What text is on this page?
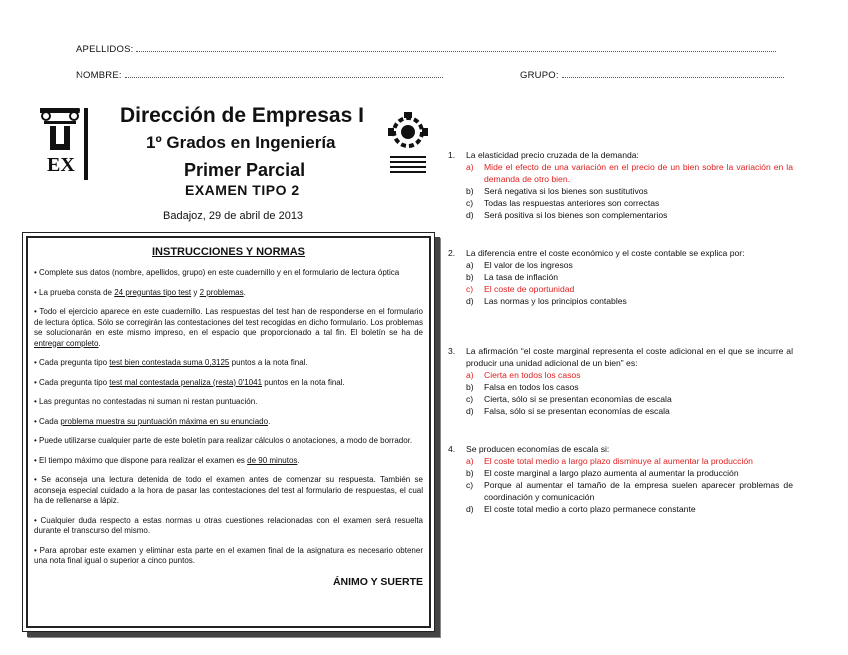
APELLIDOS:
NOMBRE:	GRUPO:
EX
UNIVERSIDAD DE EXTREMADURA Dirección de Empresas I
1º Grados en Ingeniería
Primer Parcial
EXAMEN TIPO 2
Badajoz, 29 de abril de 2013
INSTRUCCIONES Y NORMAS

• Complete sus datos (nombre, apellidos, grupo) en este cuadernillo y en el formulario de lectura óptica

• La prueba consta de 24 preguntas tipo test y 2 problemas.

• Todo el ejercicio aparece en este cuadernillo. Las respuestas del test han de responderse en el formulario de lectura óptica. Sólo se corregirán las contestaciones del test recogidas en dicho formulario. Los problemas se solucionarán en este mismo impreso, en el espacio que proporcionado a tal fin. El boletín se ha de entregar completo.

• Cada pregunta tipo test bien contestada suma 0,3125 puntos a la nota final.

• Cada pregunta tipo test mal contestada penaliza (resta) 0'1041 puntos en la nota final.

• Las preguntas no contestadas ni suman ni restan puntuación.

• Cada problema muestra su puntuación máxima en su enunciado.

• Puede utilizarse cualquier parte de este boletín para realizar cálculos o anotaciones, a modo de borrador.

• El tiempo máximo que dispone para realizar el examen es de 90 minutos.

• Se aconseja una lectura detenida de todo el examen antes de comenzar su respuesta. También se aconseja especial cuidado a la hora de pasar las contestaciones del test al formulario de respuestas, el cual ha de rellenarse a lápiz.

• Cualquier duda respecto a estas normas u otras cuestiones relacionadas con el examen será resuelta durante el transcurso del mismo.

• Para aprobar este examen y eliminar esta parte en el examen final de la asignatura es necesario obtener una nota final igual o superior a cinco puntos.

ÁNIMO Y SUERTE
1.	La elasticidad precio cruzada de la demanda:
a)	Mide el efecto de una variación en el precio de un bien sobre la variación en la demanda de otro bien.
b)	Será negativa si los bienes son sustitutivos
c)	Todas las respuestas anteriores son correctas
d)	Será positiva si los bienes son complementarios
2.	La diferencia entre el coste económico y el coste contable se explica por:
a)	El valor de los ingresos
b)	La tasa de inflación
c)	El coste de oportunidad
d)	Las normas y los principios contables
3.	La afirmación “el coste marginal representa el coste adicional en el que se incurre al producir una unidad adicional de un bien” es:
a)	Cierta en todos los casos
b)	Falsa en todos los casos
c)	Cierta, sólo si se presentan economías de escala
d)	Falsa, sólo si se presentan economías de escala
4.	Se producen economías de escala si:
a)	El coste total medio a largo plazo disminuye al aumentar la producción
b)	El coste marginal a largo plazo aumenta al aumentar la producción
c)	Porque al aumentar el tamaño de la empresa suelen aparecer problemas de coordinación y comunicación
d)	El coste total medio a corto plazo permanece constante
